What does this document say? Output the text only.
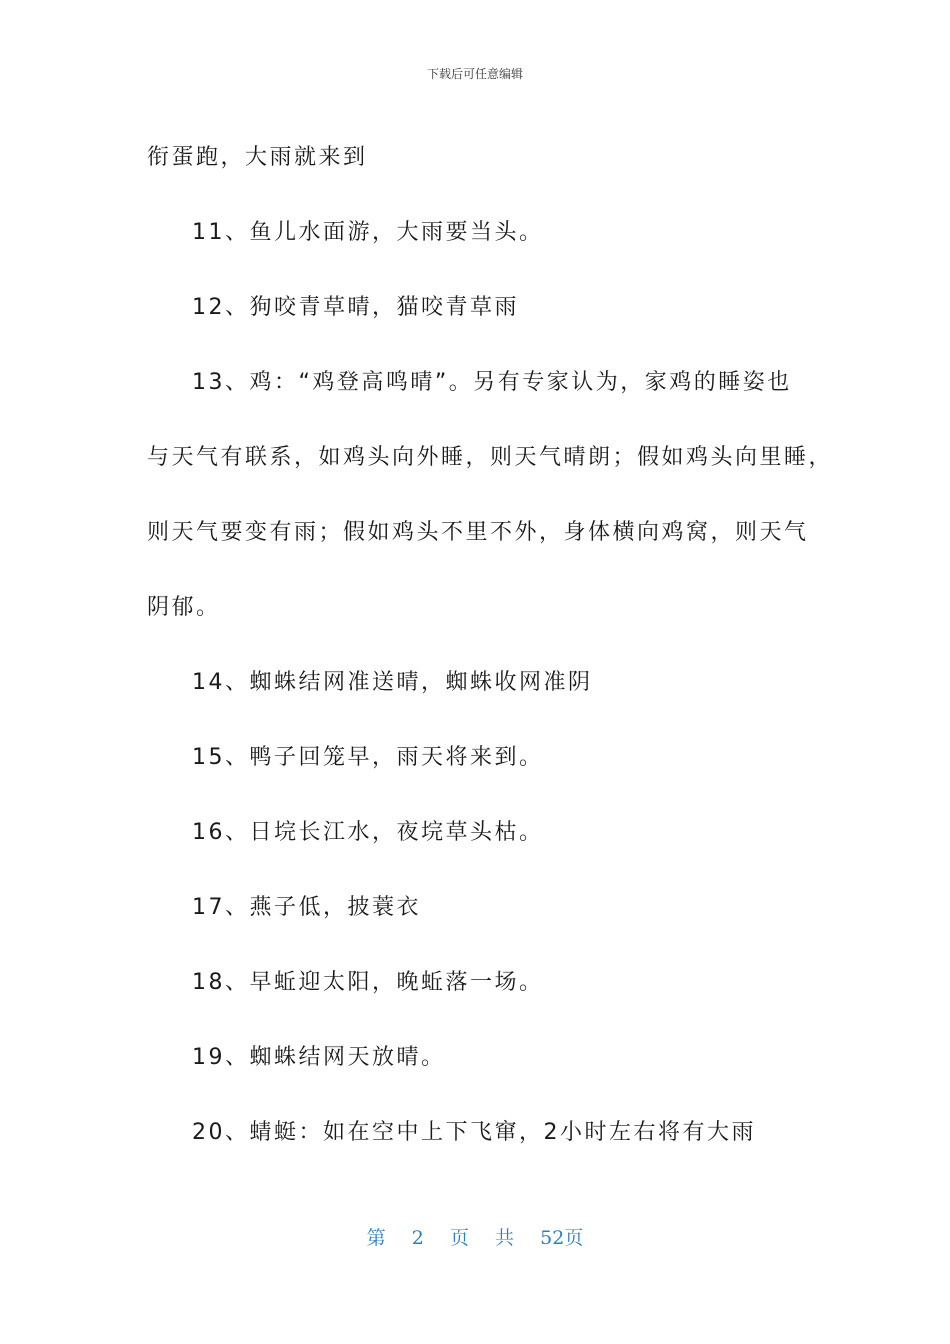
下载后可任意编辑

衔蛋跑，大雨就来到

11、鱼儿水面游，大雨要当头。

12、狗咬青草晴，猫咬青草雨

13、鸡：“鸡登高鸣晴”。另有专家认为，家鸡的睡姿也

与天气有联系，如鸡头向外睡，则天气晴朗；假如鸡头向里睡，

则天气要变有雨；假如鸡头不里不外，身体横向鸡窝，则天气

阴郁。

14、蜘蛛结网准送晴，蜘蛛收网准阴

15、鸭子回笼早，雨天将来到。

16、日垸长江水，夜垸草头枯。

17、燕子低，披蓑衣

18、早蚯迎太阳，晚蚯落一场。

19、蜘蛛结网天放晴。

20、蜻蜓：如在空中上下飞窜，2小时左右将有大雨

第 2 页 共 52页
